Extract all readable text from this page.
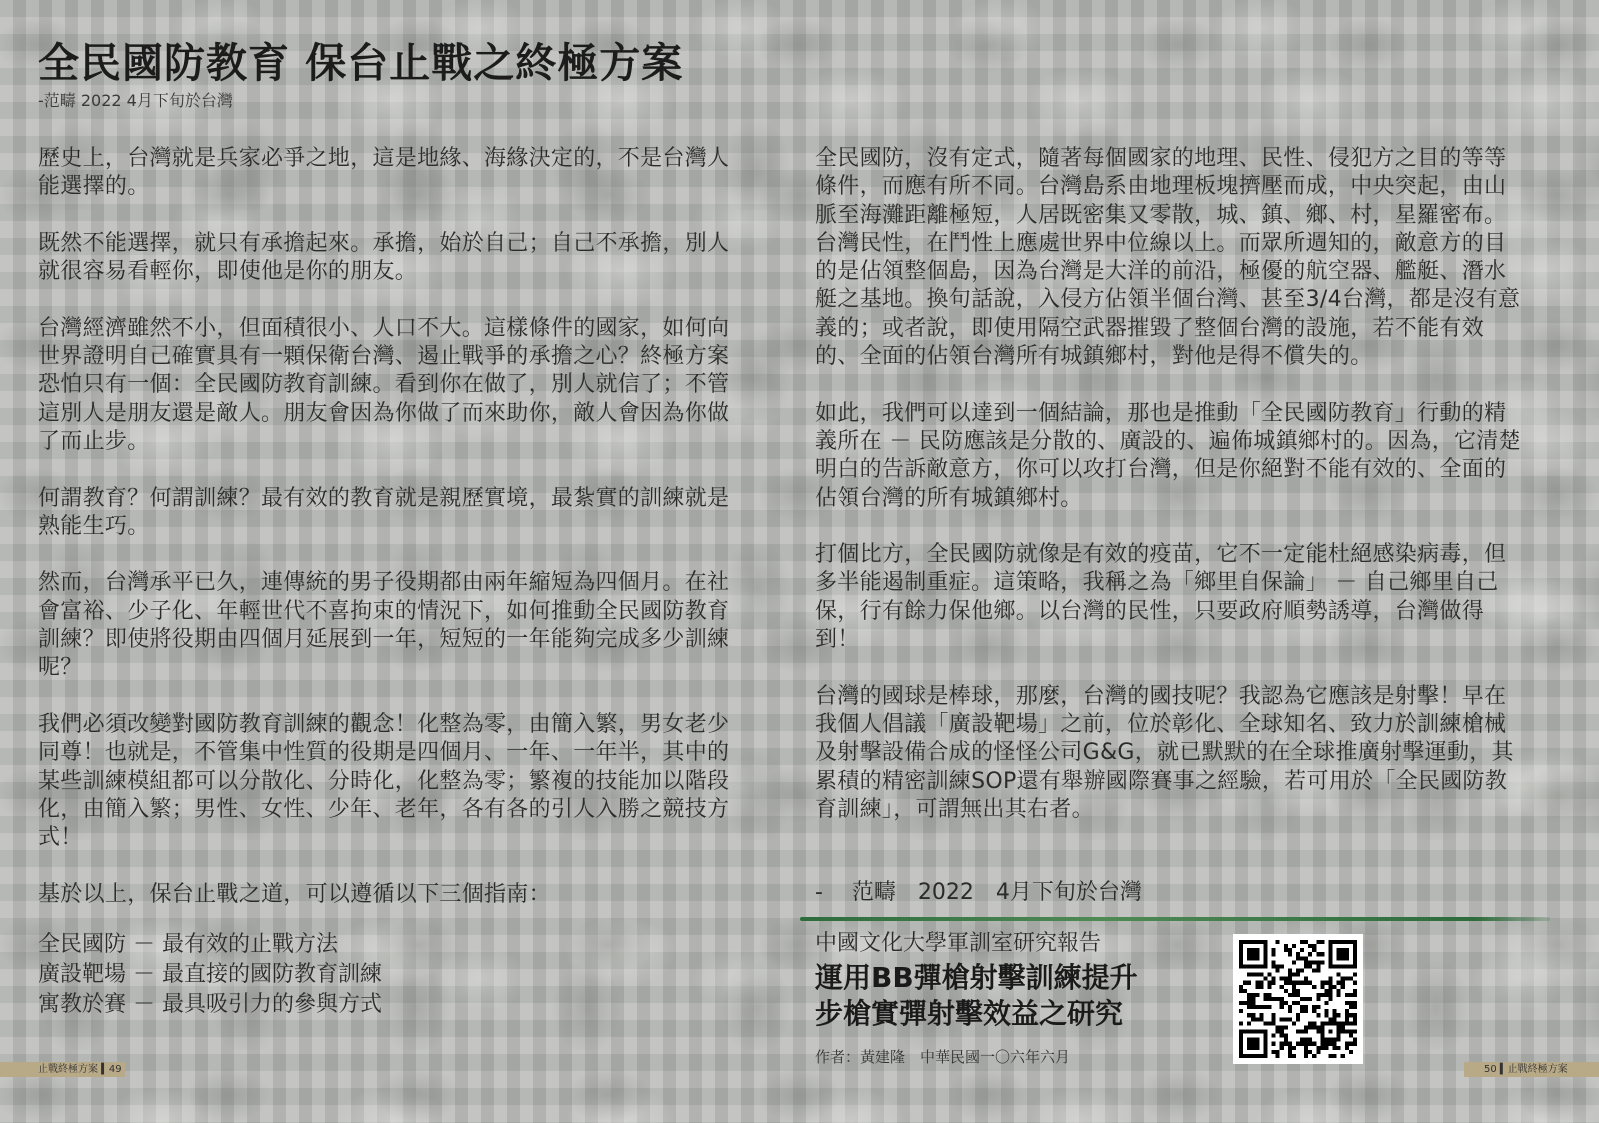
全民國防教育 保台止戰之終極方案
-范疇 2022 4月下旬於台灣

歷史上，台灣就是兵家必爭之地，這是地緣、海緣決定的，不是台灣人能選擇的。

既然不能選擇，就只有承擔起來。承擔，始於自己；自己不承擔，別人就很容易看輕你，即使他是你的朋友。

台灣經濟雖然不小，但面積很小、人口不大。這樣條件的國家，如何向世界證明自己確實具有一顆保衛台灣、遏止戰爭的承擔之心？終極方案恐怕只有一個：全民國防教育訓練。看到你在做了，別人就信了；不管這別人是朋友還是敵人。朋友會因為你做了而來助你，敵人會因為你做了而止步。

何謂教育？何謂訓練？最有效的教育就是親歷實境，最紮實的訓練就是熟能生巧。

然而，台灣承平已久，連傳統的男子役期都由兩年縮短為四個月。在社會富裕、少子化、年輕世代不喜拘束的情況下，如何推動全民國防教育訓練？即使將役期由四個月延展到一年，短短的一年能夠完成多少訓練呢？

我們必須改變對國防教育訓練的觀念！化整為零，由簡入繁，男女老少同尊！也就是，不管集中性質的役期是四個月、一年、一年半，其中的某些訓練模組都可以分散化、分時化，化整為零；繁複的技能加以階段化，由簡入繁；男性、女性、少年、老年，各有各的引人入勝之競技方式！

基於以上，保台止戰之道，可以遵循以下三個指南：

全民國防 － 最有效的止戰方法
廣設靶場 － 最直接的國防教育訓練
寓教於賽 － 最具吸引力的參與方式

全民國防，沒有定式，隨著每個國家的地理、民性、侵犯方之目的等等條件，而應有所不同。台灣島系由地理板塊擠壓而成，中央突起，由山脈至海灘距離極短，人居既密集又零散，城、鎮、鄉、村，星羅密布。台灣民性，在鬥性上應處世界中位線以上。而眾所週知的，敵意方的目的是佔領整個島，因為台灣是大洋的前沿，極優的航空器、艦艇、潛水艇之基地。換句話說，入侵方佔領半個台灣、甚至3/4台灣，都是沒有意義的；或者說，即使用隔空武器摧毀了整個台灣的設施，若不能有效的、全面的佔領台灣所有城鎮鄉村，對他是得不償失的。

如此，我們可以達到一個結論，那也是推動「全民國防教育」行動的精義所在 － 民防應該是分散的、廣設的、遍佈城鎮鄉村的。因為，它清楚明白的告訴敵意方，你可以攻打台灣，但是你絕對不能有效的、全面的佔領台灣的所有城鎮鄉村。

打個比方，全民國防就像是有效的疫苗，它不一定能杜絕感染病毒，但多半能遏制重症。這策略，我稱之為「鄉里自保論」 － 自己鄉里自己保，行有餘力保他鄉。以台灣的民性，只要政府順勢誘導，台灣做得到！

台灣的國球是棒球，那麼，台灣的國技呢？我認為它應該是射擊！早在我個人倡議「廣設靶場」之前，位於彰化、全球知名、致力於訓練槍械及射擊設備合成的怪怪公司G&G，就已默默的在全球推廣射擊運動，其累積的精密訓練SOP還有舉辦國際賽事之經驗，若可用於「全民國防教育訓練」，可謂無出其右者。

-　 范疇　2022　4月下旬於台灣
中國文化大學軍訓室研究報告
運用BB彈槍射擊訓練提升
步槍實彈射擊效益之研究
作者：黃建隆　中華民國一〇六年六月
止戰終極方案 ▍49	50 ▍止戰終極方案
